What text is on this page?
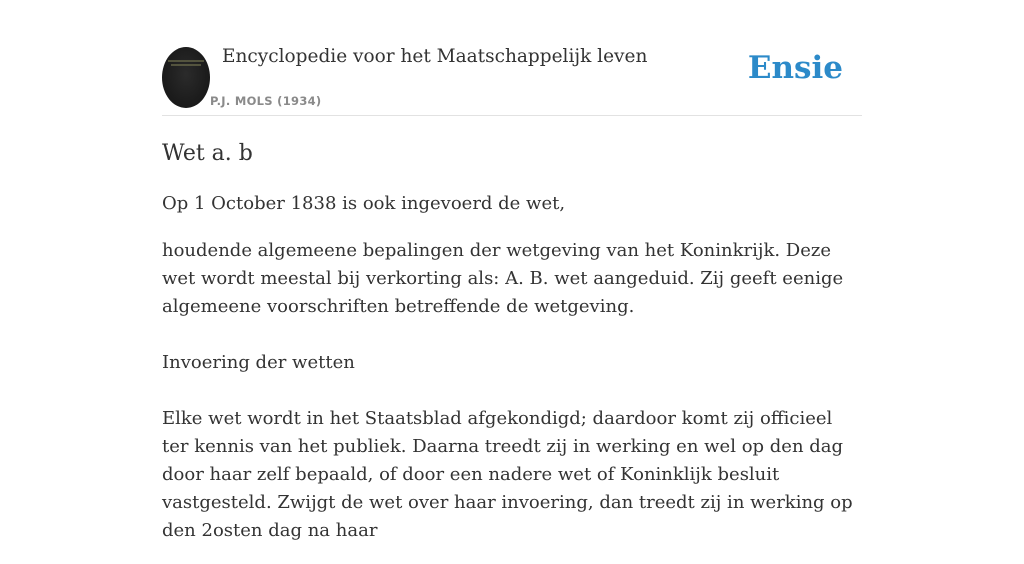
Encyclopedie voor het Maatschappelijk leven
P.J. MOLS (1934)
Ensie
Wet a. b

Op 1 October 1838 is ook ingevoerd de wet,

houdende algemeene bepalingen der wetgeving van het Koninkrijk. Deze wet wordt meestal bij verkorting als: A. B. wet aangeduid. Zij geeft eenige algemeene voorschriften betreffende de wetgeving.

Invoering der wetten

Elke wet wordt in het Staatsblad afgekondigd; daardoor komt zij officieel ter kennis van het publiek. Daarna treedt zij in werking en wel op den dag door haar zelf bepaald, of door een nadere wet of Koninklijk besluit vastgesteld. Zwijgt de wet over haar invoering, dan treedt zij in werking op den 2osten dag na haar
